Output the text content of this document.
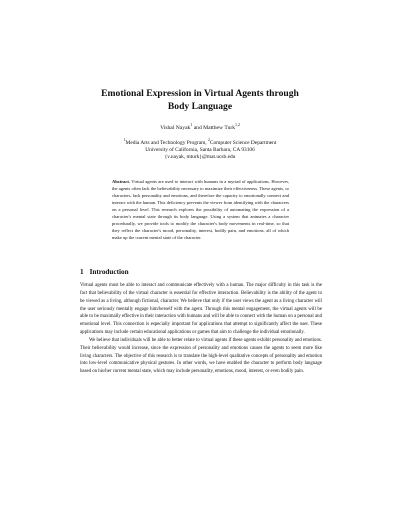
Emotional Expression in Virtual Agents through
Body Language
Vishal Nayak$^1$ and Matthew Turk$^{1,2}$
$^1$Media Arts and Technology Program, $^2$Computer Science Department
University of California, Santa Barbara, CA 93106
{v.nayak, mturk}@mat.ucsb.edu
Abstract. Virtual agents are used to interact with humans in a myriad of applications. However, the agents often lack the believability necessary to maximize their effectiveness. These agents, or characters, lack personality and emotions, and therefore the capacity to emotionally connect and interact with the human. This deficiency prevents the viewer from identifying with the characters on a personal level. This research explores the possibility of automating the expression of a character's mental state through its body language. Using a system that animates a character procedurally, we provide tools to modify the character's body movements in real-time, so that they reflect the character's mood, personality, interest, bodily pain, and emotions, all of which make up the current mental state of the character.
1 Introduction

Virtual agents must be able to interact and communicate effectively with a human. The major difficulty in this task is the fact that believability of the virtual character is essential for effective interaction. Believability is the ability of the agent to be viewed as a living, although fictional, character. We believe that only if the user views the agent as a living character will the user seriously mentally engage him/herself with the agent. Through this mental engagement, the virtual agents will be able to be maximally effective in their interaction with humans and will be able to connect with the human on a personal and emotional level. This connection is especially important for applications that attempt to significantly affect the user. These applications may include certain educational applications or games that aim to challenge the individual emotionally.

We believe that individuals will be able to better relate to virtual agents if these agents exhibit personality and emotions. Their believability would increase, since the expression of personality and emotions causes the agents to seem more like living characters. The objective of this research is to translate the high-level qualitative concepts of personality and emotion into low-level communicative physical gestures. In other words, we have enabled the character to perform body language based on his/her current mental state, which may include personality, emotions, mood, interest, or even bodily pain.
